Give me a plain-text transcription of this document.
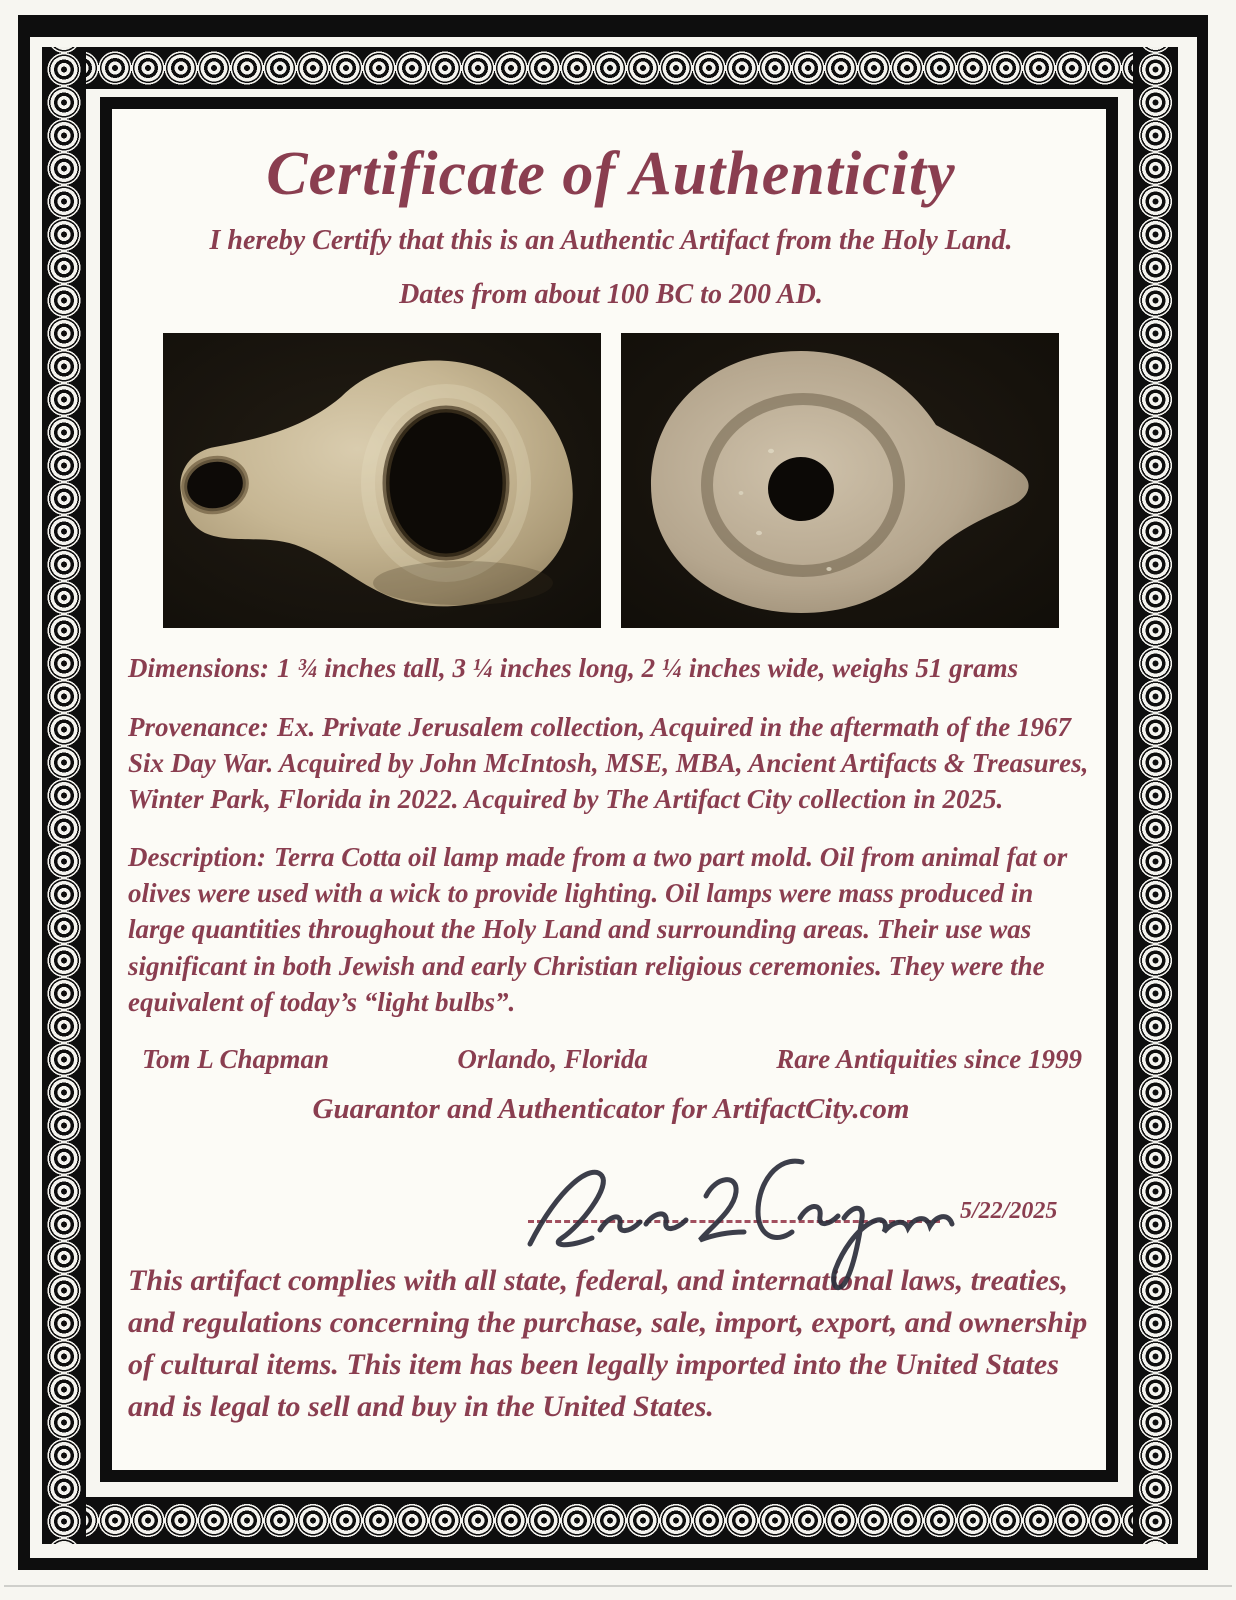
Certificate of Authenticity

I hereby Certify that this is an Authentic Artifact from the Holy Land.

Dates from about 100 BC to 200 AD.

Dimensions: 1 ¾ inches tall, 3 ¼ inches long, 2 ¼ inches wide, weighs 51 grams

Provenance: Ex. Private Jerusalem collection, Acquired in the aftermath of the 1967 Six Day War. Acquired by John McIntosh, MSE, MBA, Ancient Artifacts & Treasures, Winter Park, Florida in 2022. Acquired by The Artifact City collection in 2025.

Description: Terra Cotta oil lamp made from a two part mold. Oil from animal fat or olives were used with a wick to provide lighting. Oil lamps were mass produced in large quantities throughout the Holy Land and surrounding areas. Their use was significant in both Jewish and early Christian religious ceremonies. They were the equivalent of today’s “light bulbs”.

Tom L Chapman	Orlando, Florida	Rare Antiquities since 1999

Guarantor and Authenticator for ArtifactCity.com

5/22/2025

This artifact complies with all state, federal, and international laws, treaties, and regulations concerning the purchase, sale, import, export, and ownership of cultural items. This item has been legally imported into the United States and is legal to sell and buy in the United States.
